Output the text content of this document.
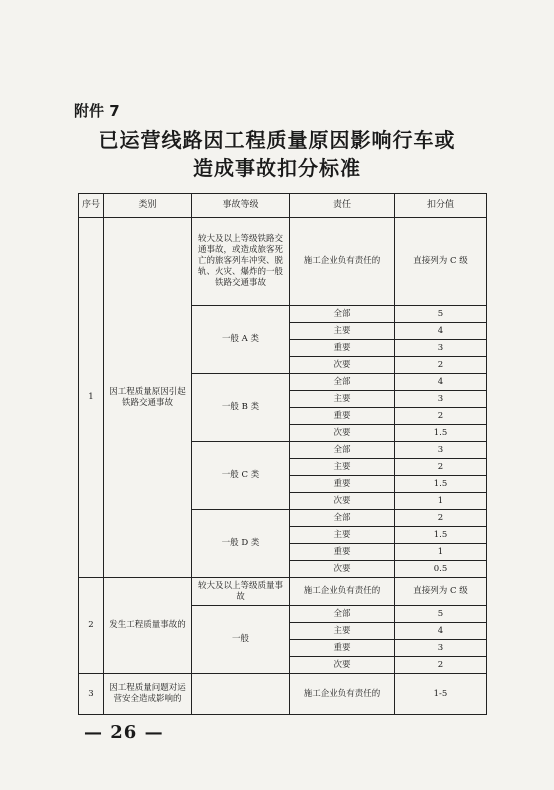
附件 7
已运营线路因工程质量原因影响行车或
造成事故扣分标准
序号	类别	事故等级	责任	扣分值
1	因工程质量原因引起铁路交通事故	较大及以上等级铁路交通事故，或造成旅客死亡的旅客列车冲突、脱轨、火灾、爆炸的一般铁路交通事故	施工企业负有责任的	直接列为 C 级
		一般 A 类	全部	5
			主要	4
			重要	3
			次要	2
		一般 B 类	全部	4
			主要	3
			重要	2
			次要	1.5
		一般 C 类	全部	3
			主要	2
			重要	1.5
			次要	1
		一般 D 类	全部	2
			主要	1.5
			重要	1
			次要	0.5
2	发生工程质量事故的	较大及以上等级质量事故	施工企业负有责任的	直接列为 C 级
		一般	全部	5
			主要	4
			重要	3
			次要	2
3	因工程质量问题对运营安全造成影响的		施工企业负有责任的	1-5
— 26 —
